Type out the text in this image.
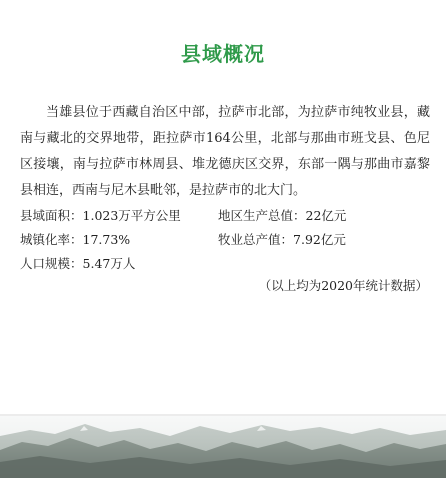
县域概况

当雄县位于西藏自治区中部，拉萨市北部，为拉萨市纯牧业县，藏南与藏北的交界地带，距拉萨市164公里，北部与那曲市班戈县、色尼区接壤，南与拉萨市林周县、堆龙德庆区交界，东部一隅与那曲市嘉黎县相连，西南与尼木县毗邻，是拉萨市的北大门。

县域面积：1.023万平方公里	地区生产总值：22亿元
城镇化率：17.73%	牧业总产值：7.92亿元
人口规模：5.47万人
（以上均为2020年统计数据）
